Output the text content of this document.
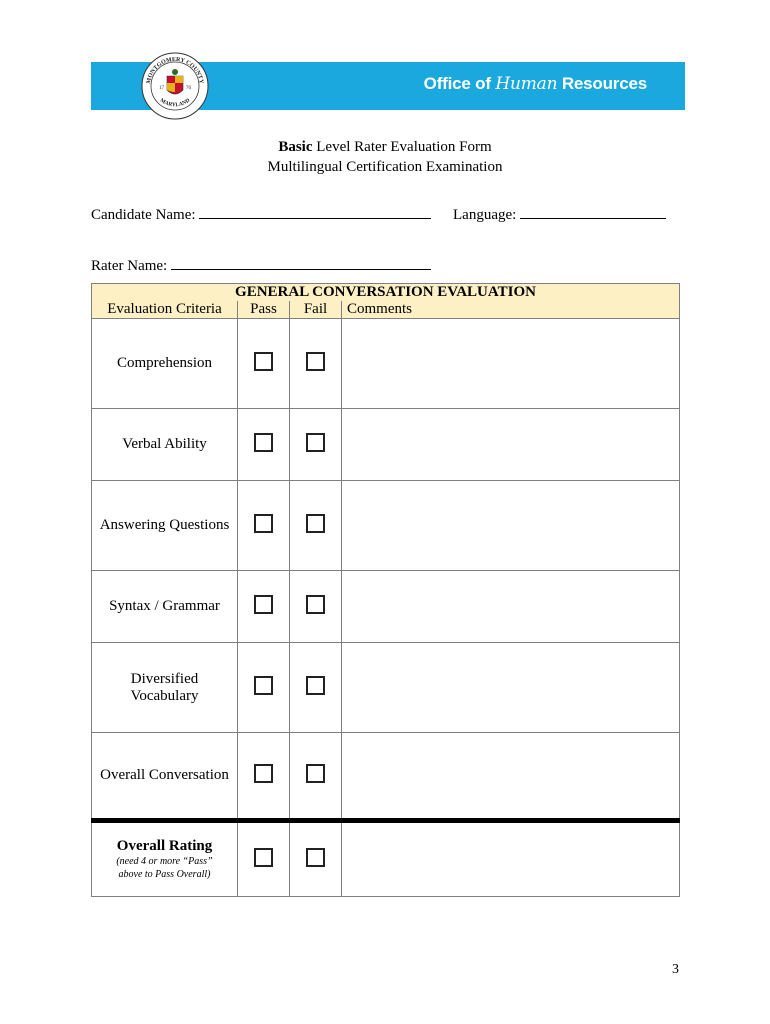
Office of Human Resources
MONTGOMERY COUNTY
MARYLAND
17	76
Basic Level Rater Evaluation Form
Multilingual Certification Examination
Candidate Name:	Language:
Rater Name:
GENERAL CONVERSATION EVALUATION			
Evaluation Criteria	Pass	Fail	Comments
Comprehension			
Verbal Ability			
Answering Questions			
Syntax / Grammar			

Diversified
Vocabulary			

Overall Conversation			

Overall Rating
(need 4 or more “Pass”
above to Pass Overall)			

3
